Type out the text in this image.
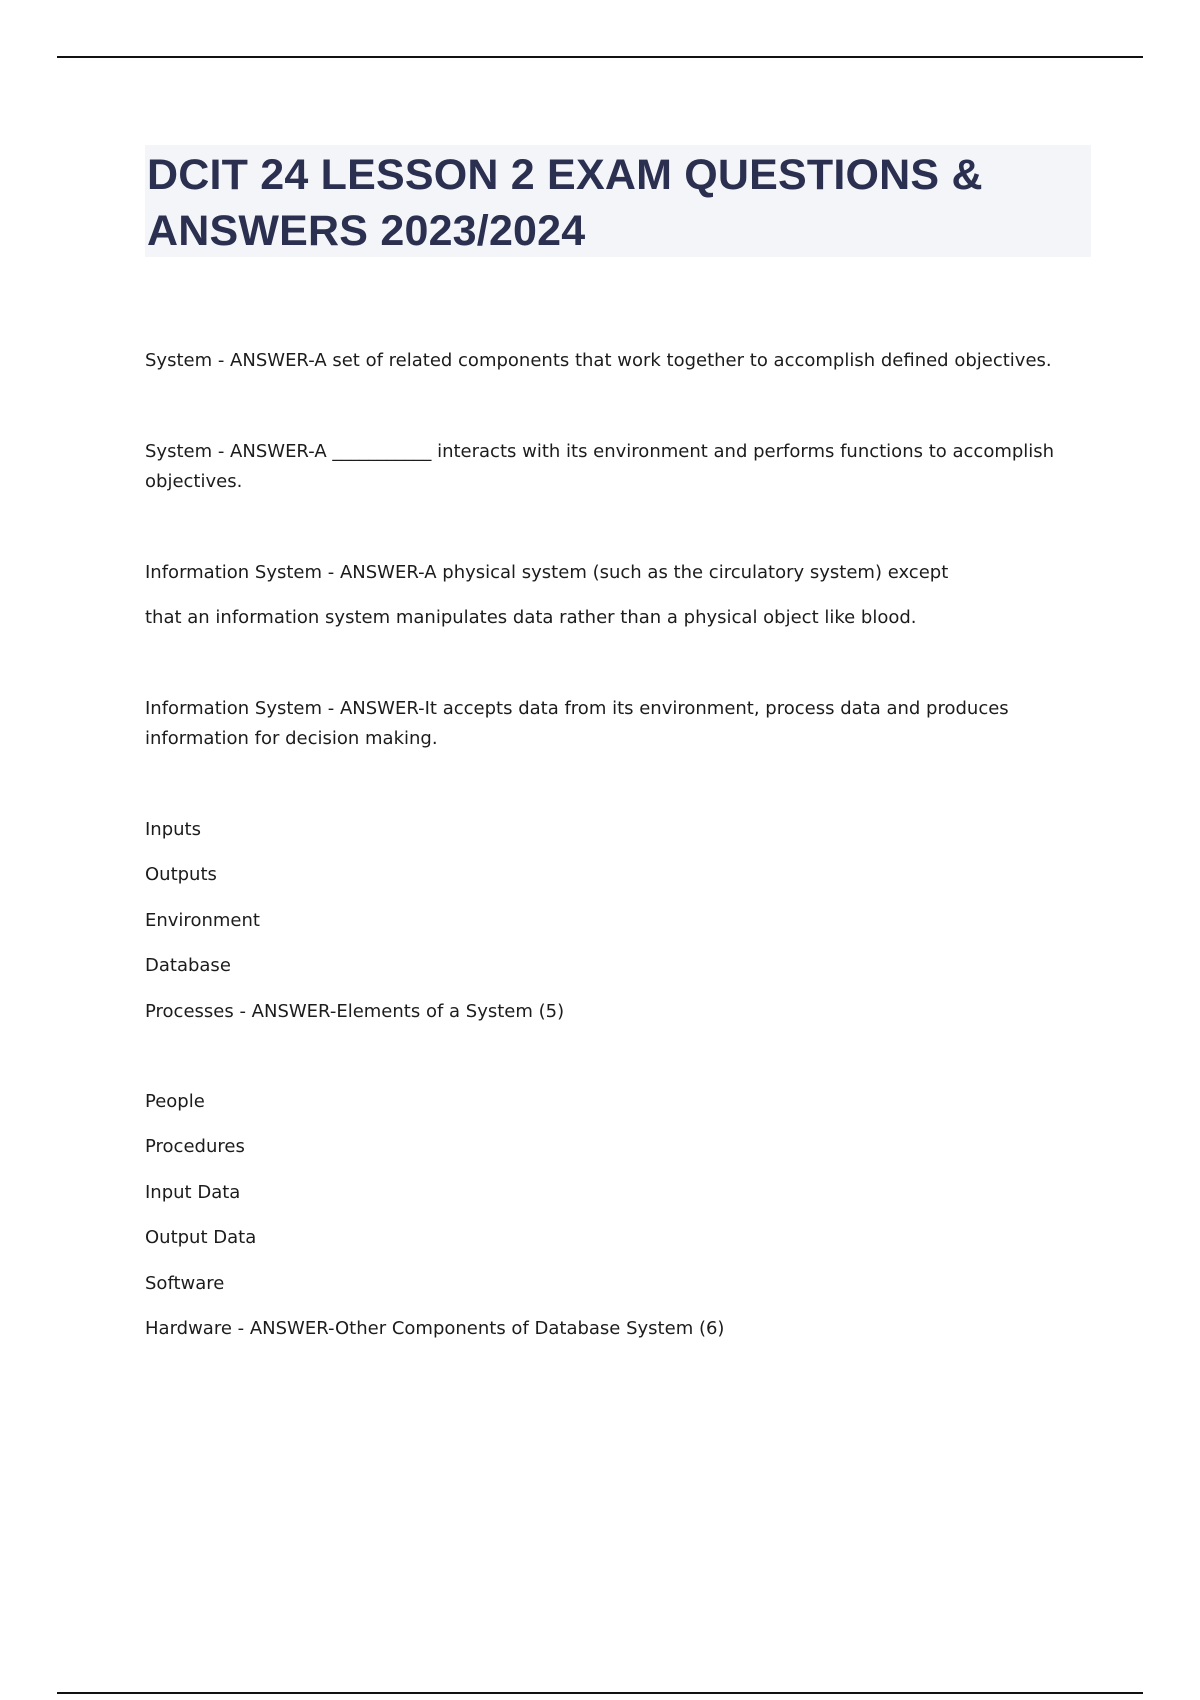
DCIT 24 LESSON 2 EXAM QUESTIONS &
ANSWERS 2023/2024
System - ANSWER-A set of related components that work together to accomplish defined objectives.
System - ANSWER-A ___________ interacts with its environment and performs functions to accomplish
objectives.
Information System - ANSWER-A physical system (such as the circulatory system) except
that an information system manipulates data rather than a physical object like blood.
Information System - ANSWER-It accepts data from its environment, process data and produces
information for decision making.
Inputs
Outputs
Environment
Database
Processes - ANSWER-Elements of a System (5)
People
Procedures
Input Data
Output Data
Software
Hardware - ANSWER-Other Components of Database System (6)
